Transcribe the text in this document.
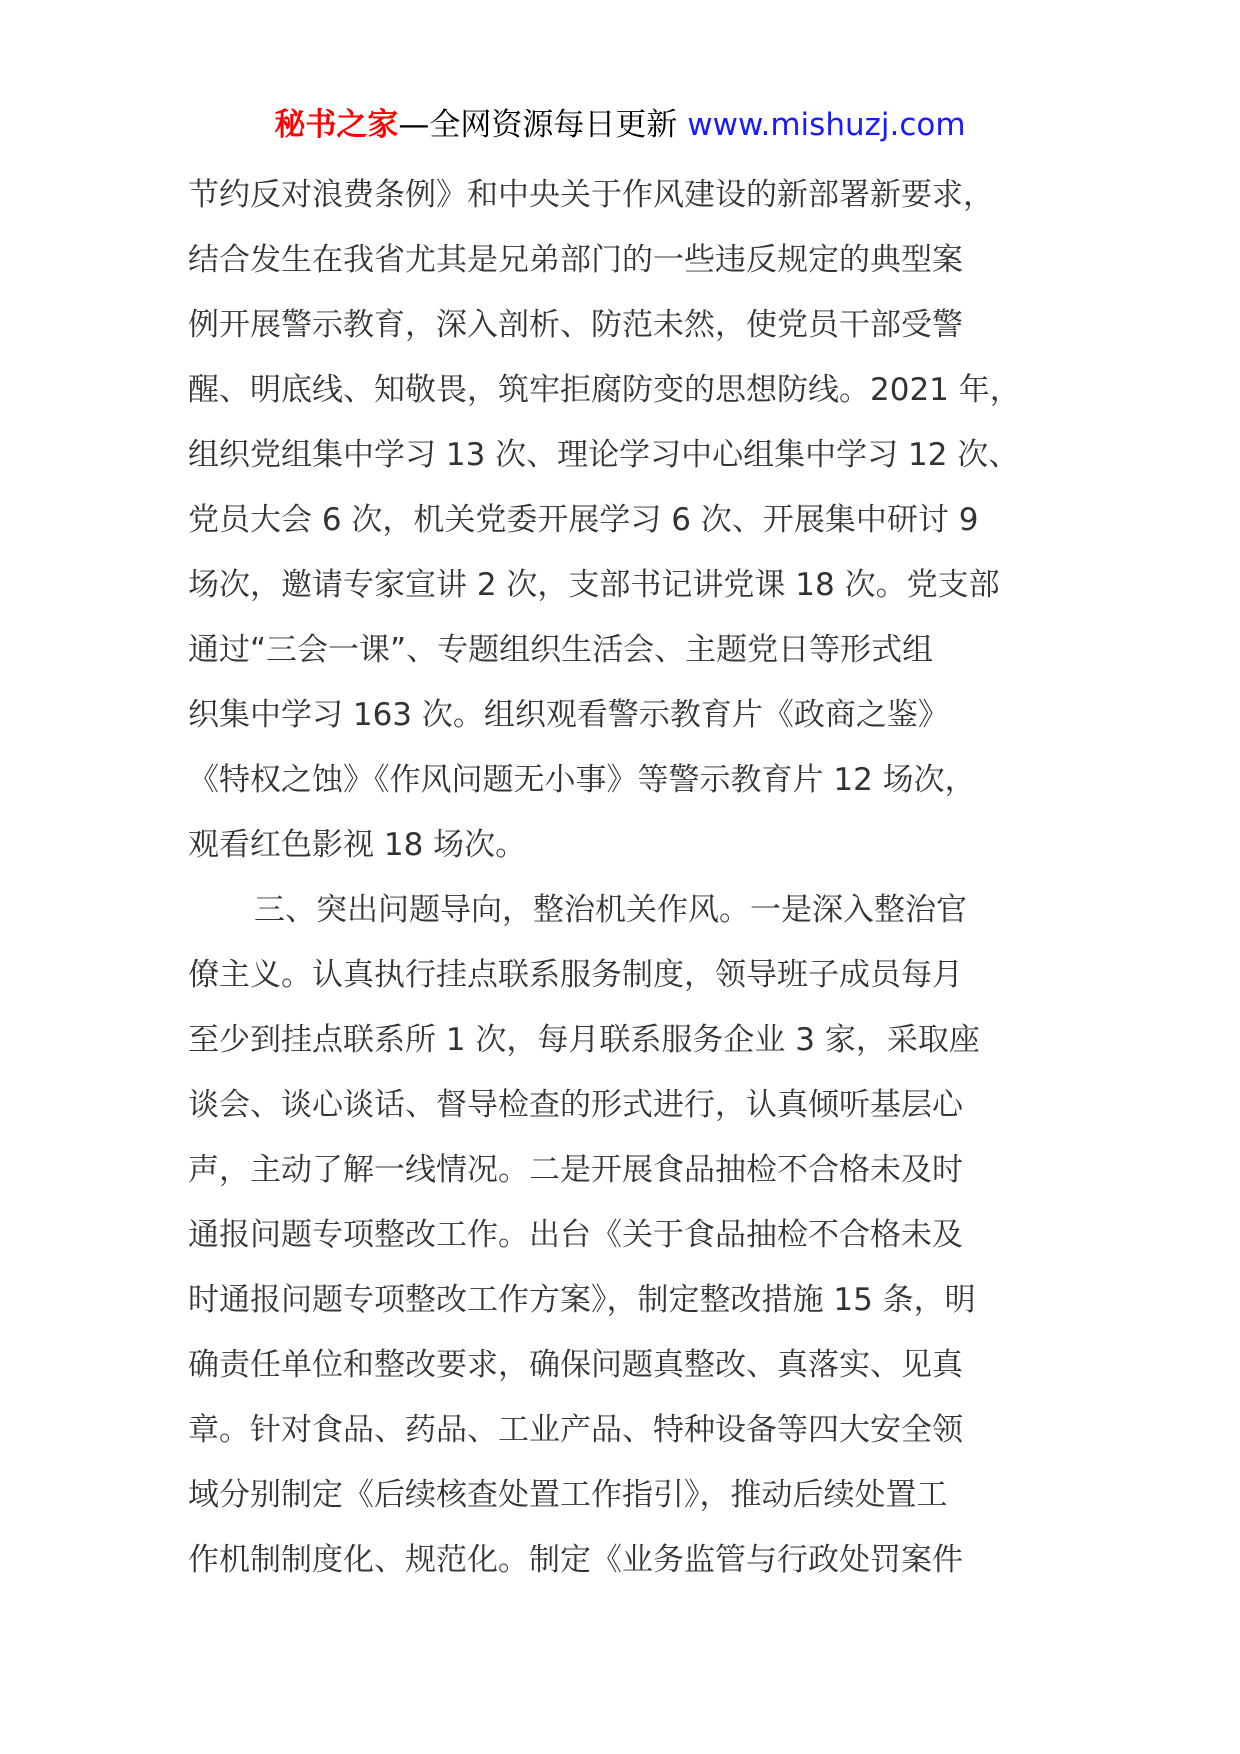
秘书之家—全网资源每日更新 www.mishuzj.com
节约反对浪费条例》和中央关于作风建设的新部署新要求，
结合发生在我省尤其是兄弟部门的一些违反规定的典型案
例开展警示教育，深入剖析、防范未然，使党员干部受警
醒、明底线、知敬畏，筑牢拒腐防变的思想防线。2021 年，
组织党组集中学习 13 次、理论学习中心组集中学习 12 次、
党员大会 6 次，机关党委开展学习 6 次、开展集中研讨 9
场次，邀请专家宣讲 2 次，支部书记讲党课 18 次。党支部
通过“三会一课”、专题组织生活会、主题党日等形式组
织集中学习 163 次。组织观看警示教育片《政商之鉴》
《特权之蚀》《作风问题无小事》等警示教育片 12 场次，
观看红色影视 18 场次。
三、突出问题导向，整治机关作风。一是深入整治官
僚主义。认真执行挂点联系服务制度，领导班子成员每月
至少到挂点联系所 1 次，每月联系服务企业 3 家，采取座
谈会、谈心谈话、督导检查的形式进行，认真倾听基层心
声，主动了解一线情况。二是开展食品抽检不合格未及时
通报问题专项整改工作。出台《关于食品抽检不合格未及
时通报问题专项整改工作方案》，制定整改措施 15 条，明
确责任单位和整改要求，确保问题真整改、真落实、见真
章。针对食品、药品、工业产品、特种设备等四大安全领
域分别制定《后续核查处置工作指引》，推动后续处置工
作机制制度化、规范化。制定《业务监管与行政处罚案件
